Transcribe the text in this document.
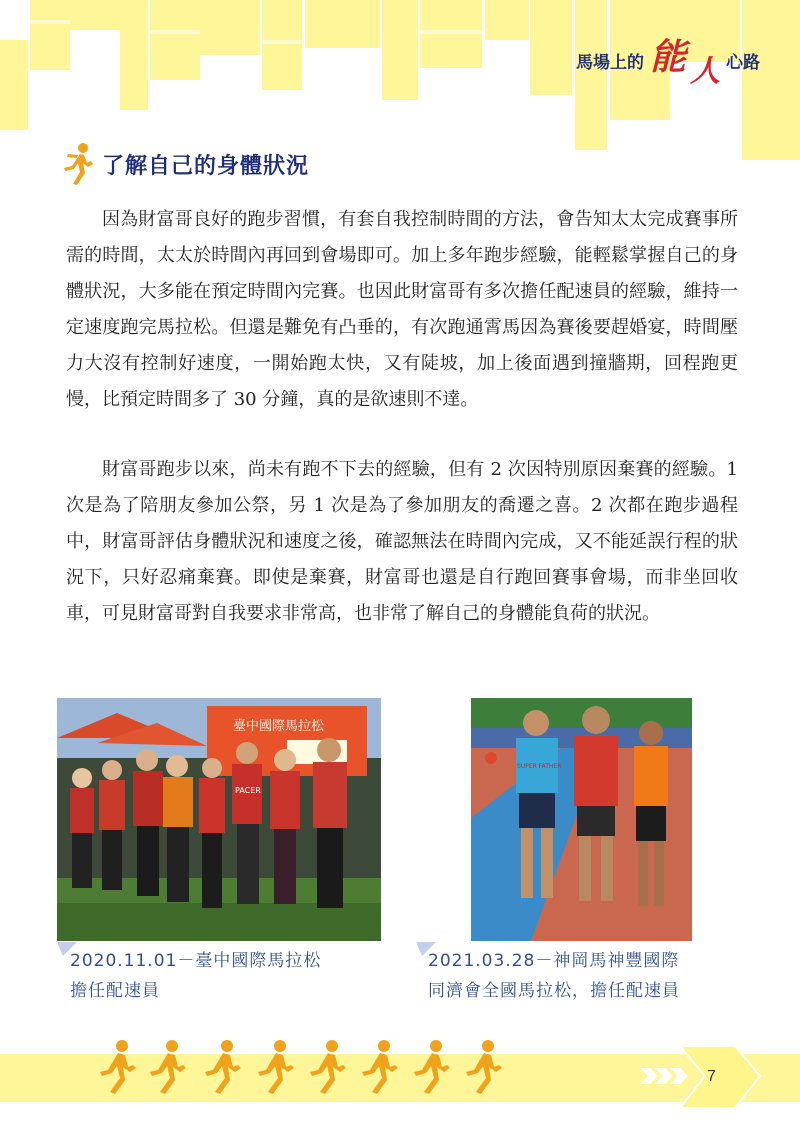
馬場上的 能 人 心路
了解自己的身體狀況

因為財富哥良好的跑步習慣，有套自我控制時間的方法，會告知太太完成賽事所需的時間，太太於時間內再回到會場即可。加上多年跑步經驗，能輕鬆掌握自己的身體狀況，大多能在預定時間內完賽。也因此財富哥有多次擔任配速員的經驗，維持一定速度跑完馬拉松。但還是難免有凸垂的，有次跑通霄馬因為賽後要趕婚宴，時間壓力大沒有控制好速度，一開始跑太快，又有陡坡，加上後面遇到撞牆期，回程跑更慢，比預定時間多了 30 分鐘，真的是欲速則不達。

財富哥跑步以來，尚未有跑不下去的經驗，但有 2 次因特別原因棄賽的經驗。1 次是為了陪朋友參加公祭，另 1 次是為了參加朋友的喬遷之喜。2 次都在跑步過程中，財富哥評估身體狀況和速度之後，確認無法在時間內完成，又不能延誤行程的狀況下，只好忍痛棄賽。即使是棄賽，財富哥也還是自行跑回賽事會場，而非坐回收車，可見財富哥對自我要求非常高，也非常了解自己的身體能負荷的狀況。

臺中國際馬拉松
PACER
SUPER FATHER
2020.11.01－臺中國際馬拉松
擔任配速員
2021.03.28－神岡馬神豐國際
同濟會全國馬拉松，擔任配速員
7
